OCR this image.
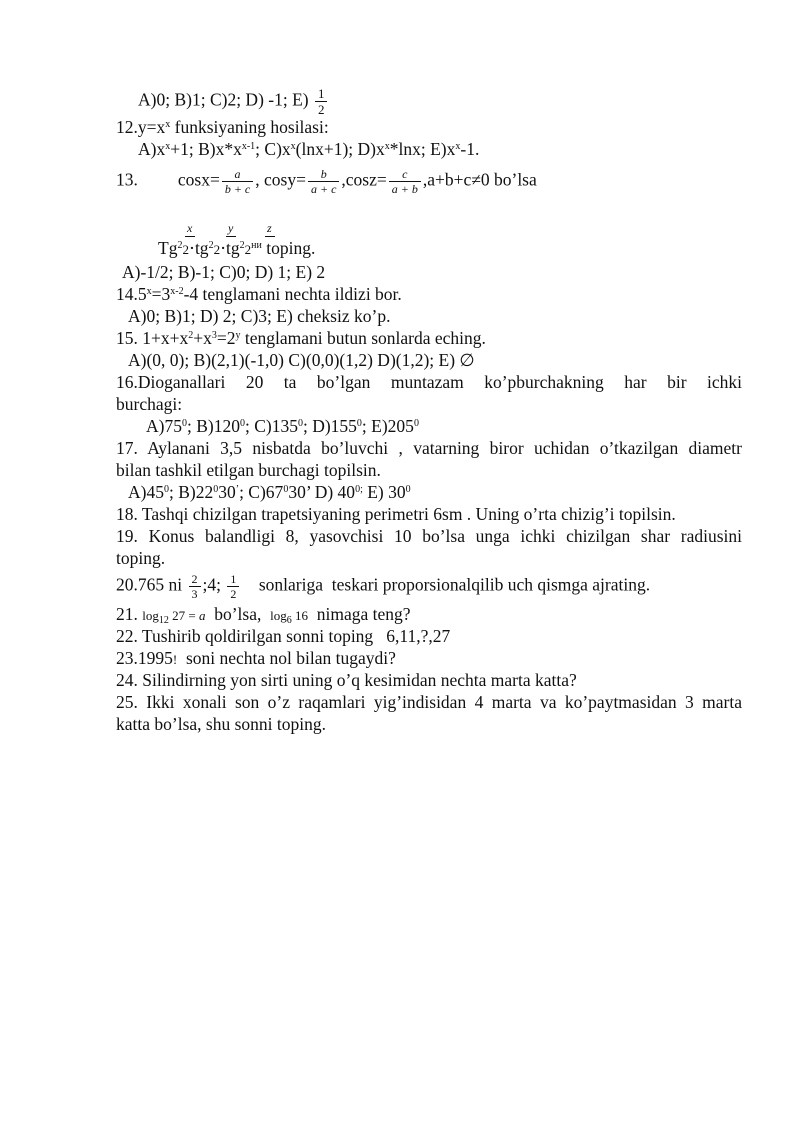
A)0; B)1; C)2; D) -1; $E) \frac{1}{2}$
$12.y=x^x$ funksiyaning hosilasi:
$A)x^x+1$; $B)x*x^{x-1}$; $C)x^x(\ln x+1)$; $D)x^x*\ln x$; $E)x^x-1$.
13. $\cos x= \frac{a}{b + c}$ , $\cos y= \frac{b}{a + c} ,\cos z= \frac{c}{a + b} ,a+b+c\ne 0$ bo’lsa
x	y	z
$Tg^22\cdot tg^22\cdot tg^22^{ни}$ toping.
A)-1/2; B)-1; C)0; D) 1; E) 2
$14.5^x=3^{x-2}-4$ tenglamani nechta ildizi bor.
A)0; B)1; D) 2; C)3; E) cheksiz ko’p.
15. $1+x+x^2+x^3=2^y$ tenglamani butun sonlarda eching.
A)(0, 0); B)(2,1)(-1,0) C)(0,0)(1,2) D)(1,2); E) ∅
16.Dioganallari 20 ta bo’lgan muntazam ko’pburchakning har bir ichki
burchagi:
$A)75^0$; $B)120^0$; $C)135^0$; $D)155^0$; $E)205^0$
17. Aylanani 3,5 nisbatda bo’luvchi , vatarning biror uchidan o’tkazilgan diametr
bilan tashkil etilgan burchagi topilsin.
$A)45^0$; $B)22^030^’$; $C)67^030$’ D) $40^{0;}$ E) $30^0$
18. Tashqi chizilgan trapetsiyaning perimetri 6sm . Uning o’rta chizig’i topilsin.
19. Konus balandligi 8, yasovchisi 10 bo’lsa unga ichki chizilgan shar radiusini
toping.
20.765 ni $\frac{2}{3}$ ;4; $\frac{1}{2}$ sonlariga  teskari proporsionalqilib uch qismga ajrating.
21. $\log_{12} 27 = a$  bo’lsa,  $\log_6 16$  nimaga teng?
22. Tushirib qoldirilgan sonni toping   6,11,?,27
23.1995!  soni nechta nol bilan tugaydi?
24. Silindirning yon sirti uning o’q kesimidan nechta marta katta?
25. Ikki xonali son o’z raqamlari yig’indisidan 4 marta va ko’paytmasidan 3 marta
katta bo’lsa, shu sonni toping.
